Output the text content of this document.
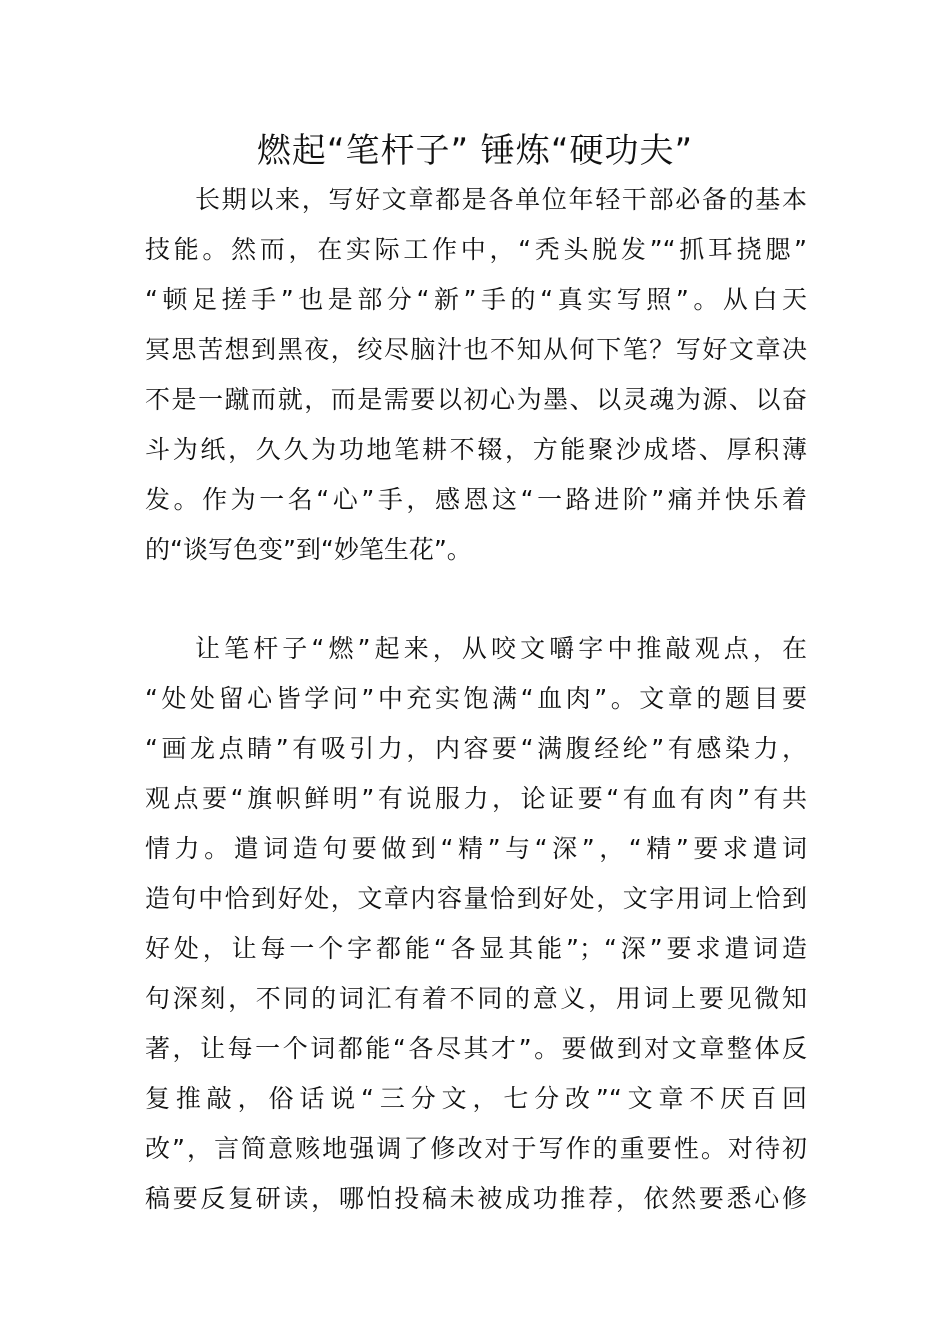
燃起“笔杆子” 锤炼“硬功夫”
长期以来，写好文章都是各单位年轻干部必备的基本
技能。然而，在实际工作中，“秃头脱发”“抓耳挠腮”
“顿足搓手”也是部分“新”手的“真实写照”。从白天
冥思苦想到黑夜，绞尽脑汁也不知从何下笔？写好文章决
不是一蹴而就，而是需要以初心为墨、以灵魂为源、以奋
斗为纸，久久为功地笔耕不辍，方能聚沙成塔、厚积薄
发。作为一名“心”手，感恩这“一路进阶”痛并快乐着
的“谈写色变”到“妙笔生花”。
让笔杆子“燃”起来，从咬文嚼字中推敲观点，在
“处处留心皆学问”中充实饱满“血肉”。文章的题目要
“画龙点睛”有吸引力，内容要“满腹经纶”有感染力，
观点要“旗帜鲜明”有说服力，论证要“有血有肉”有共
情力。遣词造句要做到“精”与“深”，“精”要求遣词
造句中恰到好处，文章内容量恰到好处，文字用词上恰到
好处，让每一个字都能“各显其能”；“深”要求遣词造
句深刻，不同的词汇有着不同的意义，用词上要见微知
著，让每一个词都能“各尽其才”。要做到对文章整体反
复推敲，俗话说“三分文，七分改”“文章不厌百回
改”，言简意赅地强调了修改对于写作的重要性。对待初
稿要反复研读，哪怕投稿未被成功推荐，依然要悉心修
